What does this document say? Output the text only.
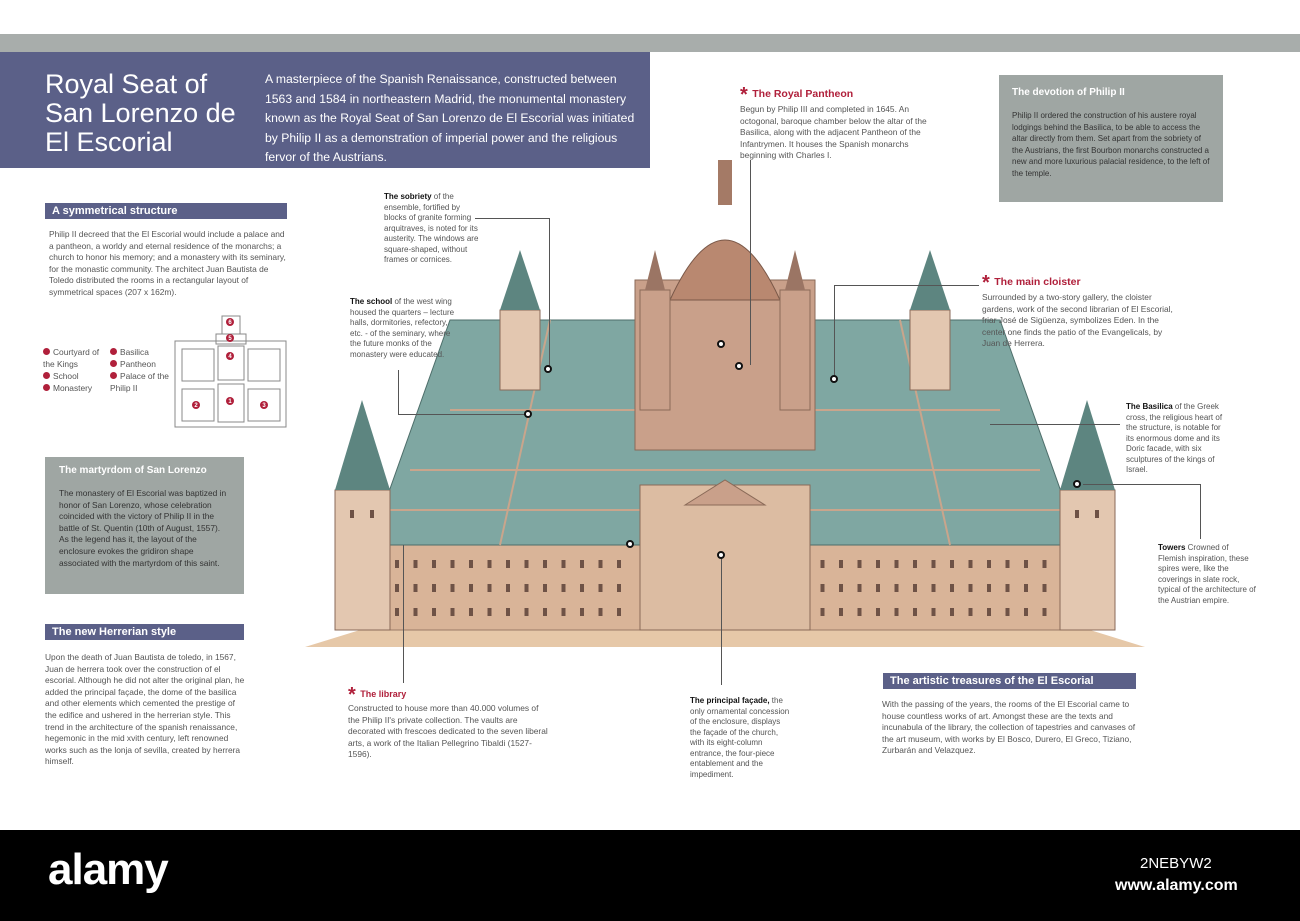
Royal Seat of San Lorenzo de El Escorial

A masterpiece of the Spanish Renaissance, constructed between 1563 and 1584 in northeastern Madrid, the monumental monastery known as the Royal Seat of San Lorenzo de El Escorial was initiated by Philip II as a demonstration of imperial power and the religious fervor of the Austrians.

A symmetrical structure

Philip II decreed that the El Escorial would include a palace and a pantheon, a worldy and eternal residence of the monarchs; a church to honor his memory; and a monastery with its seminary, for the monastic community. The architect Juan Bautista de Toledo distributed the rooms in a rectangular layout of symmetrical spaces (207 x 162m).

Courtyard of the Kings
School
Monastery
Basilica
Pantheon
Palace of the Philip II
1
2	3
4
5
6
The martyrdom of San Lorenzo

The monastery of El Escorial was baptized in honor of San Lorenzo, whose celebration coincided with the victory of Philip II in the battle of St. Quentin (10th of August, 1557). As the legend has it, the layout of the enclosure evokes the gridiron shape associated with the martyrdom of this saint.

The new Herrerian style

Upon the death of Juan Bautista de toledo, in 1567, Juan de herrera took over the construction of el escorial. Although he did not alter the original plan, he added the principal façade, the dome of the basilica and other elements which cemented the prestige of the edifice and ushered in the herrerian style. This trend in the architecture of the spanish renaissance, hegemonic in the mid xvith century, left renowned works such as the lonja of sevilla, created by herrera himself.

The sobriety of the ensemble, fortified by blocks of granite forming arquitraves, is noted for its austerity. The windows are square-shaped, without frames or cornices.

The school of the west wing housed the quarters – lecture halls, dormitories, refectory, etc. - of the seminary, where the future monks of the monastery were educated.

* The Royal Pantheon

Begun by Philip III and completed in 1645. An octogonal, baroque chamber below the altar of the Basilica, along with the adjacent Pantheon of the Infantrymen. It houses the Spanish monarchs beginning with Charles I.

The devotion of Philip II

Philip II ordered the construction of his austere royal lodgings behind the Basilica, to be able to access the altar directly from them. Set apart from the sobriety of the Austrians, the first Bourbon monarchs constructed a new and more luxurious palacial residence, to the left of the temple.

* The main cloister

Surrounded by a two-story gallery, the cloister gardens, work of the second librarian of El Escorial, friar José de Sigüenza, symbolizes Eden. In the center one finds the patio of the Evangelicals, by Juan de Herrera.

The Basilica of the Greek cross, the religious heart of the structure, is notable for its enormous dome and its Doric facade, with six sculptures of the kings of Israel.

Towers Crowned of Flemish inspiration, these spires were, like the coverings in slate rock, typical of the architecture of the Austrian empire.

* The library

Constructed to house more than 40.000 volumes of the Philip II's private collection. The vaults are decorated with frescoes dedicated to the seven liberal arts, a work of the Italian Pellegrino Tibaldi (1527-1596).

The principal façade, the only ornamental concession of the enclosure, displays the façade of the church, with its eight-column entrance, the four-piece entablement and the impediment.

The artistic treasures of the El Escorial

With the passing of the years, the rooms of the El Escorial came to house countless works of art. Amongst these are the texts and incunabula of the library, the collection of tapestries and canvases of the art museum, with works by El Bosco, Durero, El Greco, Tiziano, Zurbarán and Velazquez.

alamy	2NEBYW2
www.alamy.com
